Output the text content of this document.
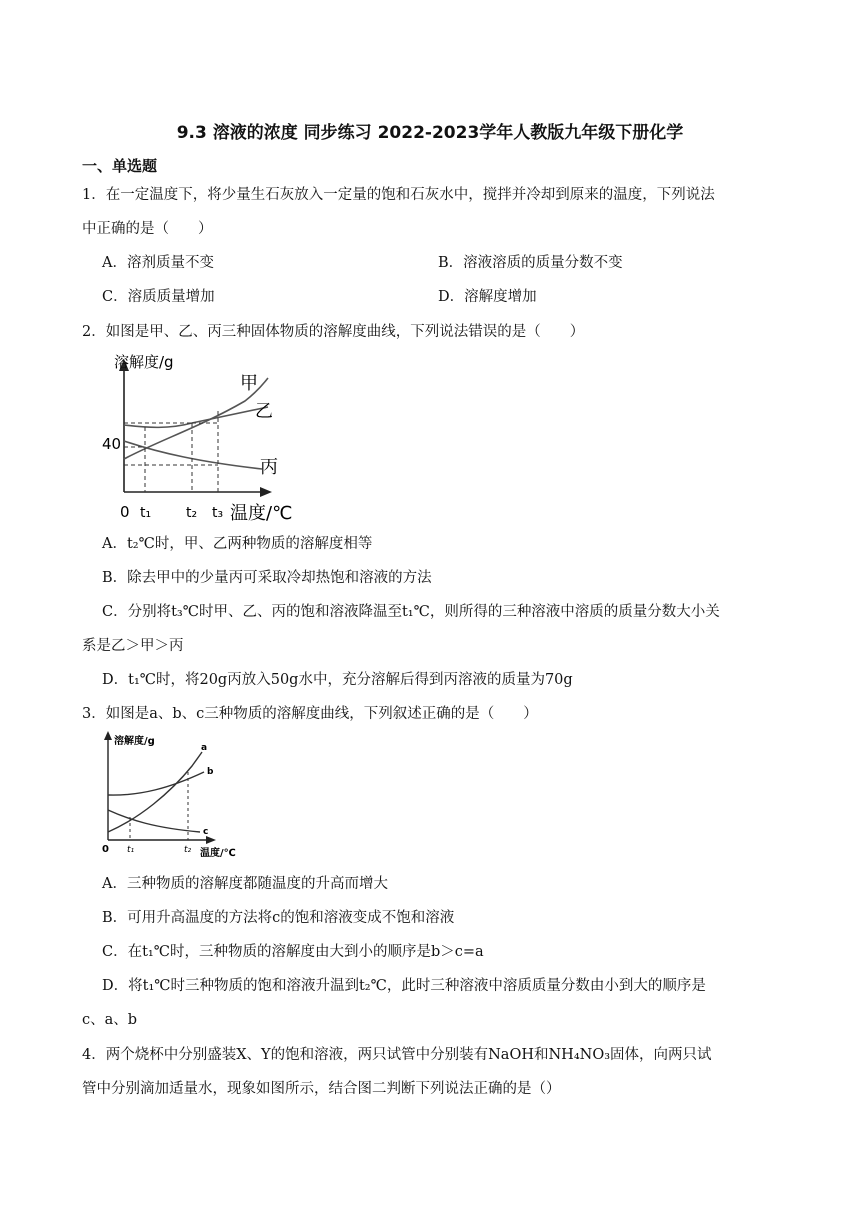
9.3 溶液的浓度 同步练习 2022-2023学年人教版九年级下册化学
一、单选题
1．在一定温度下，将少量生石灰放入一定量的饱和石灰水中，搅拌并冷却到原来的温度，下列说法
中正确的是（　　）
A．溶剂质量不变	B．溶液溶质的质量分数不变
C．溶质质量增加	D．溶解度增加
2．如图是甲、乙、丙三种固体物质的溶解度曲线，下列说法错误的是（　　）
溶解度/g
40
0 t₁ t₂ t₃ 温度/℃
甲
乙
丙
A．t₂℃时，甲、乙两种物质的溶解度相等
B．除去甲中的少量丙可采取冷却热饱和溶液的方法
C．分别将t₃℃时甲、乙、丙的饱和溶液降温至t₁℃，则所得的三种溶液中溶质的质量分数大小关
系是乙＞甲＞丙
D．t₁℃时，将20g丙放入50g水中，充分溶解后得到丙溶液的质量为70g
3．如图是a、b、c三种物质的溶解度曲线，下列叙述正确的是（　　）
溶解度/g
0 t₁	t₂ 温度/℃
a
b
c
A．三种物质的溶解度都随温度的升高而增大
B．可用升高温度的方法将c的饱和溶液变成不饱和溶液
C．在t₁℃时，三种物质的溶解度由大到小的顺序是b＞c=a
D．将t₁℃时三种物质的饱和溶液升温到t₂℃，此时三种溶液中溶质质量分数由小到大的顺序是
c、a、b
4．两个烧杯中分别盛装X、Y的饱和溶液，两只试管中分别装有NaOH和NH₄NO₃固体，向两只试
管中分别滴加适量水，现象如图所示，结合图二判断下列说法正确的是（）
